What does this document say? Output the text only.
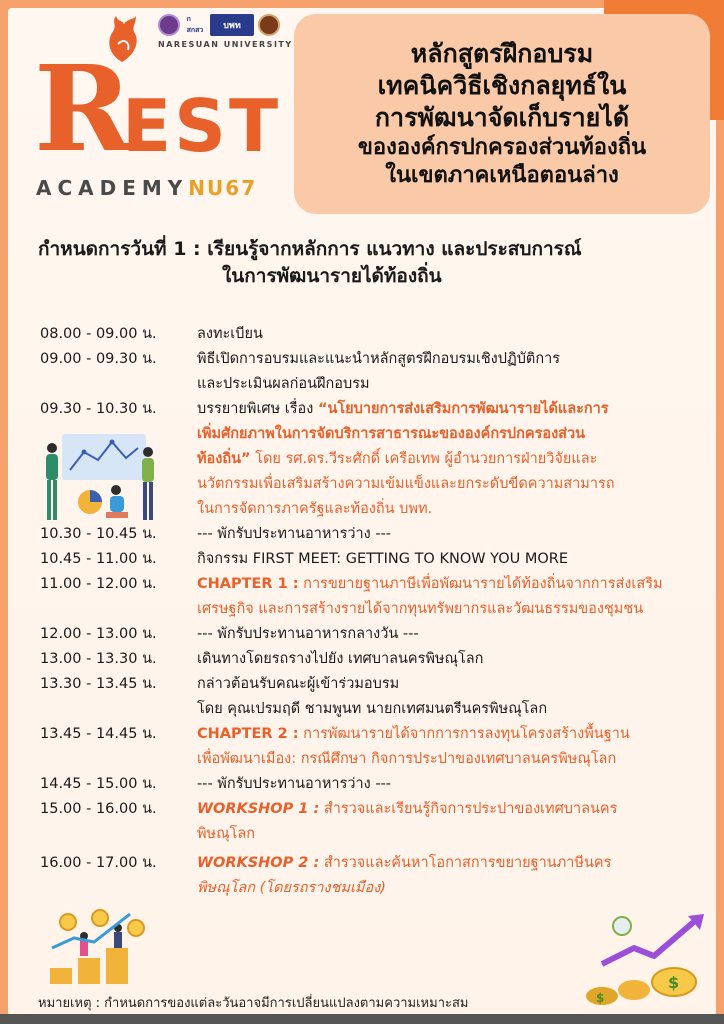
ก
สกสว	บพท
NARESUAN UNIVERSITY
R
EST
ACADEMYNU67
หลักสูตรฝึกอบรม
เทคนิควิธีเชิงกลยุทธ์ใน
การพัฒนาจัดเก็บรายได้
ขององค์กรปกครองส่วนท้องถิ่น
ในเขตภาคเหนือตอนล่าง
กำหนดการวันที่ 1 : เรียนรู้จากหลักการ แนวทาง และประสบการณ์
ในการพัฒนารายได้ท้องถิ่น
08.00 - 09.00 น.	ลงทะเบียน
09.00 - 09.30 น.	พิธีเปิดการอบรมและแนะนำหลักสูตรฝึกอบรมเชิงปฏิบัติการ
และประเมินผลก่อนฝึกอบรม
09.30 - 10.30 น.	บรรยายพิเศษ เรื่อง “นโยบายการส่งเสริมการพัฒนารายได้และการ
เพิ่มศักยภาพในการจัดบริการสาธารณะขององค์กรปกครองส่วน
ท้องถิ่น” โดย รศ.ดร.วีระศักดิ์ เครือเทพ ผู้อำนวยการฝ่ายวิจัยและ
นวัตกรรมเพื่อเสริมสร้างความเข้มแข็งและยกระดับขีดความสามารถ
ในการจัดการภาครัฐและท้องถิ่น บพท.
10.30 - 10.45 น.	--- พักรับประทานอาหารว่าง ---
10.45 - 11.00 น.	กิจกรรม FIRST MEET: GETTING TO KNOW YOU MORE
11.00 - 12.00 น.	CHAPTER 1 : การขยายฐานภาษีเพื่อพัฒนารายได้ท้องถิ่นจากการส่งเสริม
เศรษฐกิจ และการสร้างรายได้จากทุนทรัพยากรและวัฒนธรรมของชุมชน
12.00 - 13.00 น.	--- พักรับประทานอาหารกลางวัน ---
13.00 - 13.30 น.	เดินทางโดยรถรางไปยัง เทศบาลนครพิษณุโลก
13.30 - 13.45 น.	กล่าวต้อนรับคณะผู้เข้าร่วมอบรม
โดย คุณเปรมฤดี ชามพูนท นายกเทศมนตรีนครพิษณุโลก
13.45 - 14.45 น.	CHAPTER 2 : การพัฒนารายได้จากการการลงทุนโครงสร้างพื้นฐาน
เพื่อพัฒนาเมือง: กรณีศึกษา กิจการประปาของเทศบาลนครพิษณุโลก
14.45 - 15.00 น.	--- พักรับประทานอาหารว่าง ---
15.00 - 16.00 น.	WORKSHOP 1 : สำรวจและเรียนรู้กิจการประปาของเทศบาลนคร
พิษณุโลก
16.00 - 17.00 น.	WORKSHOP 2 : สำรวจและค้นหาโอกาสการขยายฐานภาษีนคร
พิษณุโลก (โดยรถรางชมเมือง)
$
$
หมายเหตุ : กำหนดการของแต่ละวันอาจมีการเปลี่ยนแปลงตามความเหมาะสม
